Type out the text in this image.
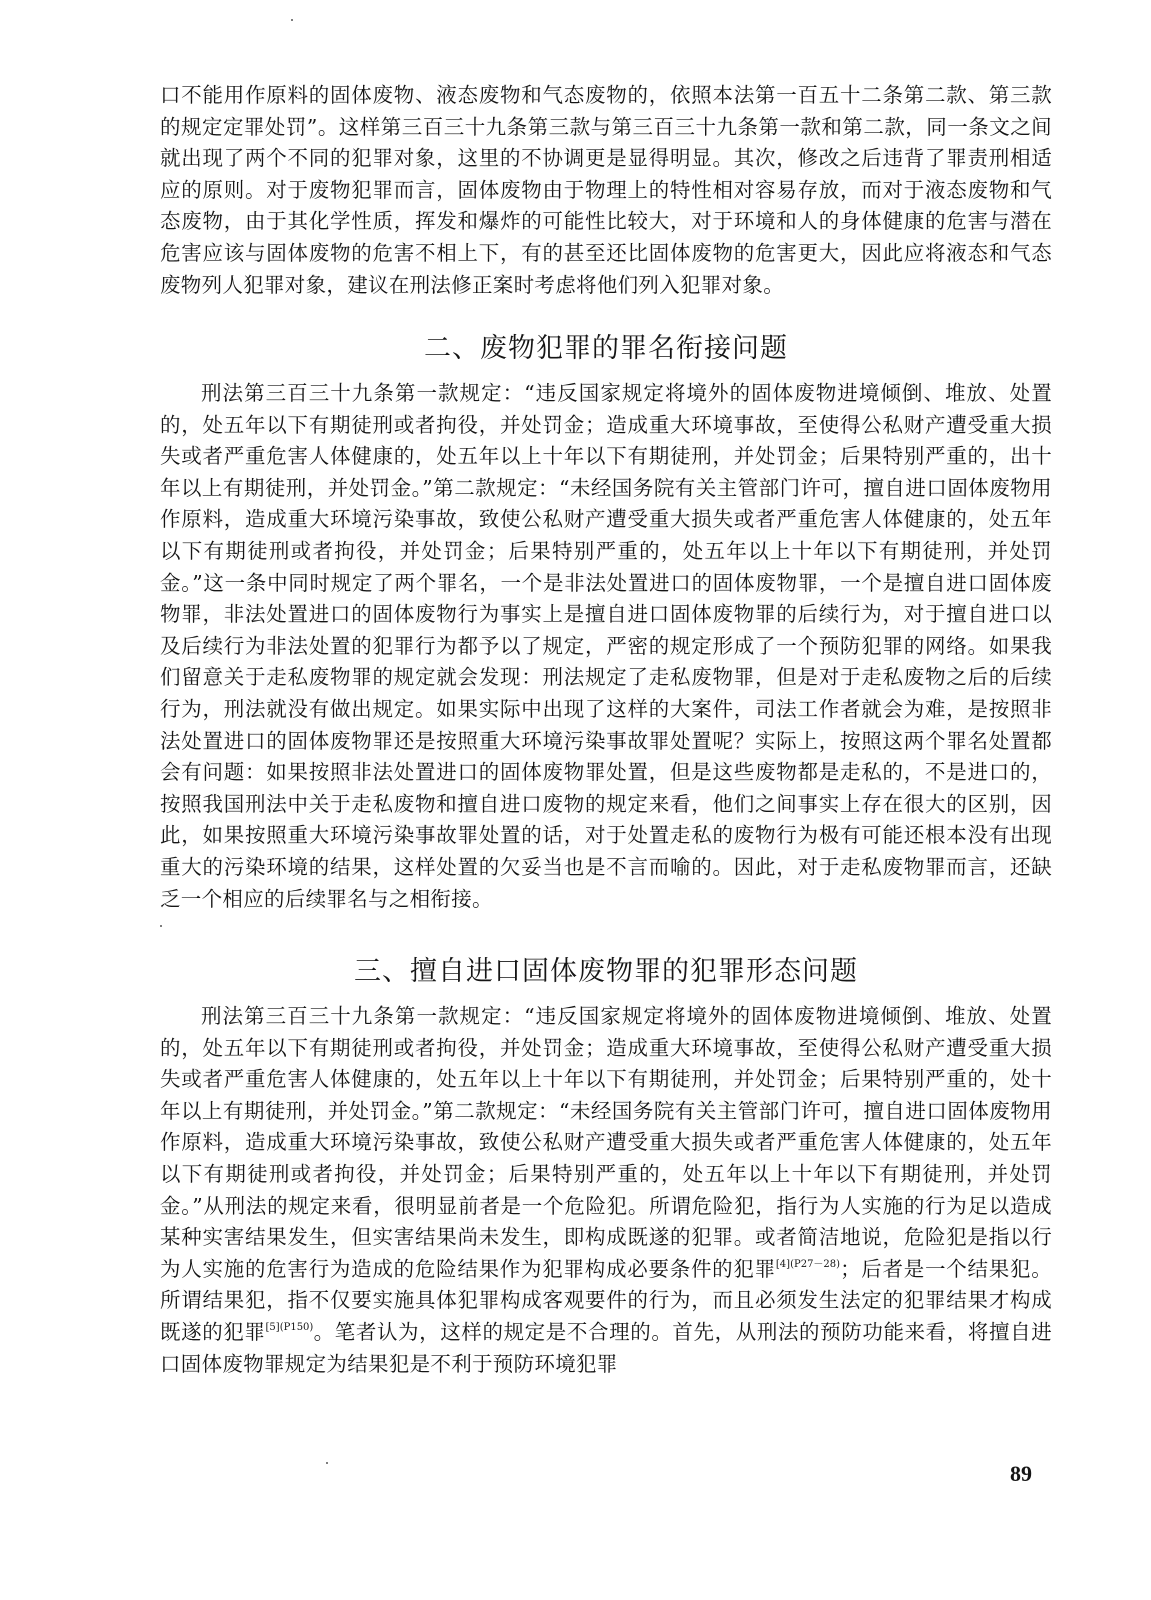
口不能用作原料的固体废物、液态废物和气态废物的，依照本法第一百五十二条第二款、第三款的规定定罪处罚”。这样第三百三十九条第三款与第三百三十九条第一款和第二款，同一条文之间就出现了两个不同的犯罪对象，这里的不协调更是显得明显。其次，修改之后违背了罪责刑相适应的原则。对于废物犯罪而言，固体废物由于物理上的特性相对容易存放，而对于液态废物和气态废物，由于其化学性质，挥发和爆炸的可能性比较大，对于环境和人的身体健康的危害与潜在危害应该与固体废物的危害不相上下，有的甚至还比固体废物的危害更大，因此应将液态和气态废物列人犯罪对象，建议在刑法修正案时考虑将他们列入犯罪对象。

二、废物犯罪的罪名衔接问题

刑法第三百三十九条第一款规定：“违反国家规定将境外的固体废物进境倾倒、堆放、处置的，处五年以下有期徒刑或者拘役，并处罚金；造成重大环境事故，至使得公私财产遭受重大损失或者严重危害人体健康的，处五年以上十年以下有期徒刑，并处罚金；后果特别严重的，出十年以上有期徒刑，并处罚金。”第二款规定：“未经国务院有关主管部门许可，擅自进口固体废物用作原料，造成重大环境污染事故，致使公私财产遭受重大损失或者严重危害人体健康的，处五年以下有期徒刑或者拘役，并处罚金；后果特别严重的，处五年以上十年以下有期徒刑，并处罚金。”这一条中同时规定了两个罪名，一个是非法处置进口的固体废物罪，一个是擅自进口固体废物罪，非法处置进口的固体废物行为事实上是擅自进口固体废物罪的后续行为，对于擅自进口以及后续行为非法处置的犯罪行为都予以了规定，严密的规定形成了一个预防犯罪的网络。如果我们留意关于走私废物罪的规定就会发现：刑法规定了走私废物罪，但是对于走私废物之后的后续行为，刑法就没有做出规定。如果实际中出现了这样的大案件，司法工作者就会为难，是按照非法处置进口的固体废物罪还是按照重大环境污染事故罪处置呢？实际上，按照这两个罪名处置都会有问题：如果按照非法处置进口的固体废物罪处置，但是这些废物都是走私的，不是进口的，按照我国刑法中关于走私废物和擅自进口废物的规定来看，他们之间事实上存在很大的区别，因此，如果按照重大环境污染事故罪处置的话，对于处置走私的废物行为极有可能还根本没有出现重大的污染环境的结果，这样处置的欠妥当也是不言而喻的。因此，对于走私废物罪而言，还缺乏一个相应的后续罪名与之相衔接。

三、擅自进口固体废物罪的犯罪形态问题

刑法第三百三十九条第一款规定：“违反国家规定将境外的固体废物进境倾倒、堆放、处置的，处五年以下有期徒刑或者拘役，并处罚金；造成重大环境事故，至使得公私财产遭受重大损失或者严重危害人体健康的，处五年以上十年以下有期徒刑，并处罚金；后果特别严重的，处十年以上有期徒刑，并处罚金。”第二款规定：“未经国务院有关主管部门许可，擅自进口固体废物用作原料，造成重大环境污染事故，致使公私财产遭受重大损失或者严重危害人体健康的，处五年以下有期徒刑或者拘役，并处罚金；后果特别严重的，处五年以上十年以下有期徒刑，并处罚金。”从刑法的规定来看，很明显前者是一个危险犯。所谓危险犯，指行为人实施的行为足以造成某种实害结果发生，但实害结果尚未发生，即构成既遂的犯罪。或者简洁地说，危险犯是指以行为人实施的危害行为造成的危险结果作为犯罪构成必要条件的犯罪$^{[4](P27-28)}$；后者是一个结果犯。所谓结果犯，指不仅要实施具体犯罪构成客观要件的行为，而且必须发生法定的犯罪结果才构成既遂的犯罪$^{[5](P150)}$。笔者认为，这样的规定是不合理的。首先，从刑法的预防功能来看，将擅自进口固体废物罪规定为结果犯是不利于预防环境犯罪

89
